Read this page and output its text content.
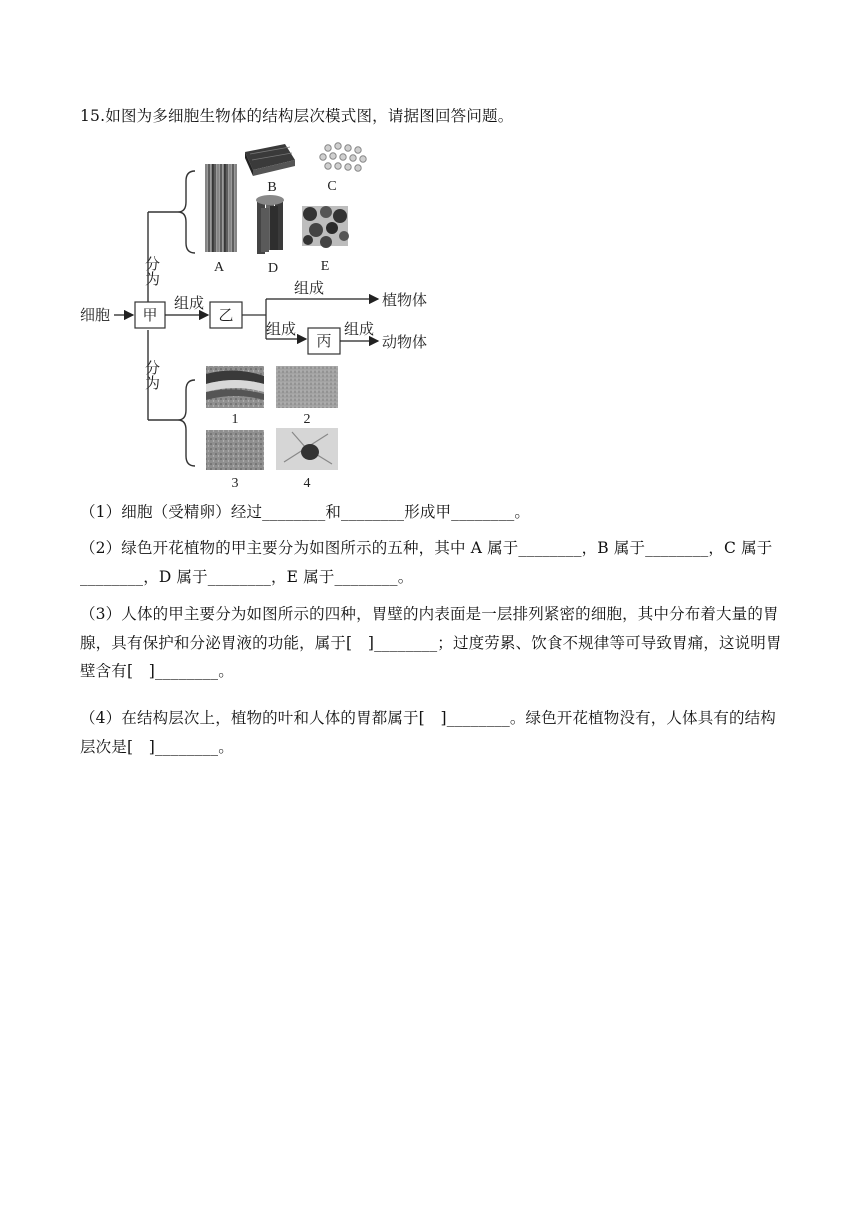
15.如图为多细胞生物体的结构层次模式图，请据图回答问题。
A
B	C
D	E
分为
分为
细胞 甲
组成
乙
组成
植物体
组成
丙
组成
动物体
1	2
3	4
（1）细胞（受精卵）经过________和________形成甲________。
（2）绿色开花植物的甲主要分为如图所示的五种，其中 A 属于________，B 属于________，C 属于________，D 属于________，E 属于________。
（3）人体的甲主要分为如图所示的四种，胃壁的内表面是一层排列紧密的细胞，其中分布着大量的胃腺，具有保护和分泌胃液的功能，属于[　]________；过度劳累、饮食不规律等可导致胃痛，这说明胃壁含有[　]________。
（4）在结构层次上，植物的叶和人体的胃都属于[　]________。绿色开花植物没有，人体具有的结构层次是[　]________。
